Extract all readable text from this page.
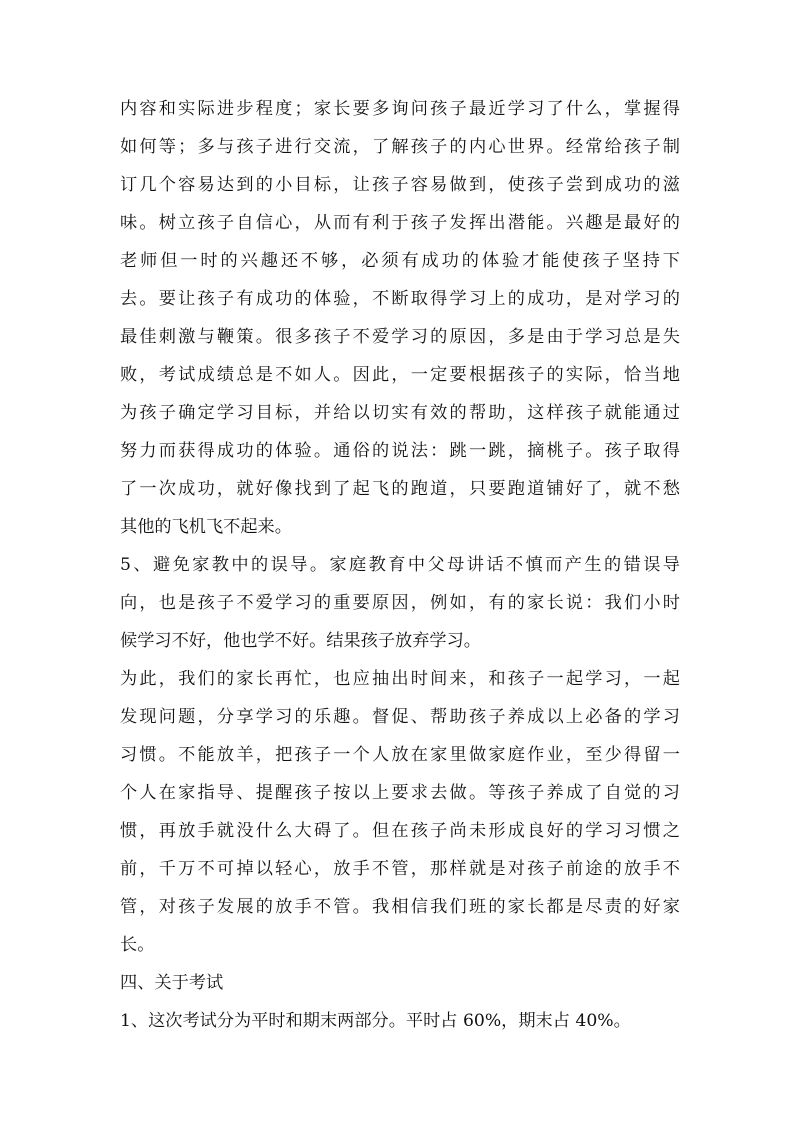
内容和实际进步程度；家长要多询问孩子最近学习了什么，掌握得
如何等；多与孩子进行交流，了解孩子的内心世界。经常给孩子制
订几个容易达到的小目标，让孩子容易做到，使孩子尝到成功的滋
味。树立孩子自信心，从而有利于孩子发挥出潜能。兴趣是最好的
老师但一时的兴趣还不够，必须有成功的体验才能使孩子坚持下
去。要让孩子有成功的体验，不断取得学习上的成功，是对学习的
最佳刺激与鞭策。很多孩子不爱学习的原因，多是由于学习总是失
败，考试成绩总是不如人。因此，一定要根据孩子的实际，恰当地
为孩子确定学习目标，并给以切实有效的帮助，这样孩子就能通过
努力而获得成功的体验。通俗的说法：跳一跳，摘桃子。孩子取得
了一次成功，就好像找到了起飞的跑道，只要跑道铺好了，就不愁
其他的飞机飞不起来。
5、避免家教中的误导。家庭教育中父母讲话不慎而产生的错误导
向，也是孩子不爱学习的重要原因，例如，有的家长说：我们小时
候学习不好，他也学不好。结果孩子放弃学习。
为此，我们的家长再忙，也应抽出时间来，和孩子一起学习，一起
发现问题，分享学习的乐趣。督促、帮助孩子养成以上必备的学习
习惯。不能放羊，把孩子一个人放在家里做家庭作业，至少得留一
个人在家指导、提醒孩子按以上要求去做。等孩子养成了自觉的习
惯，再放手就没什么大碍了。但在孩子尚未形成良好的学习习惯之
前，千万不可掉以轻心，放手不管，那样就是对孩子前途的放手不
管，对孩子发展的放手不管。我相信我们班的家长都是尽责的好家
长。
四、关于考试
1、这次考试分为平时和期末两部分。平时占 60%，期末占 40%。
